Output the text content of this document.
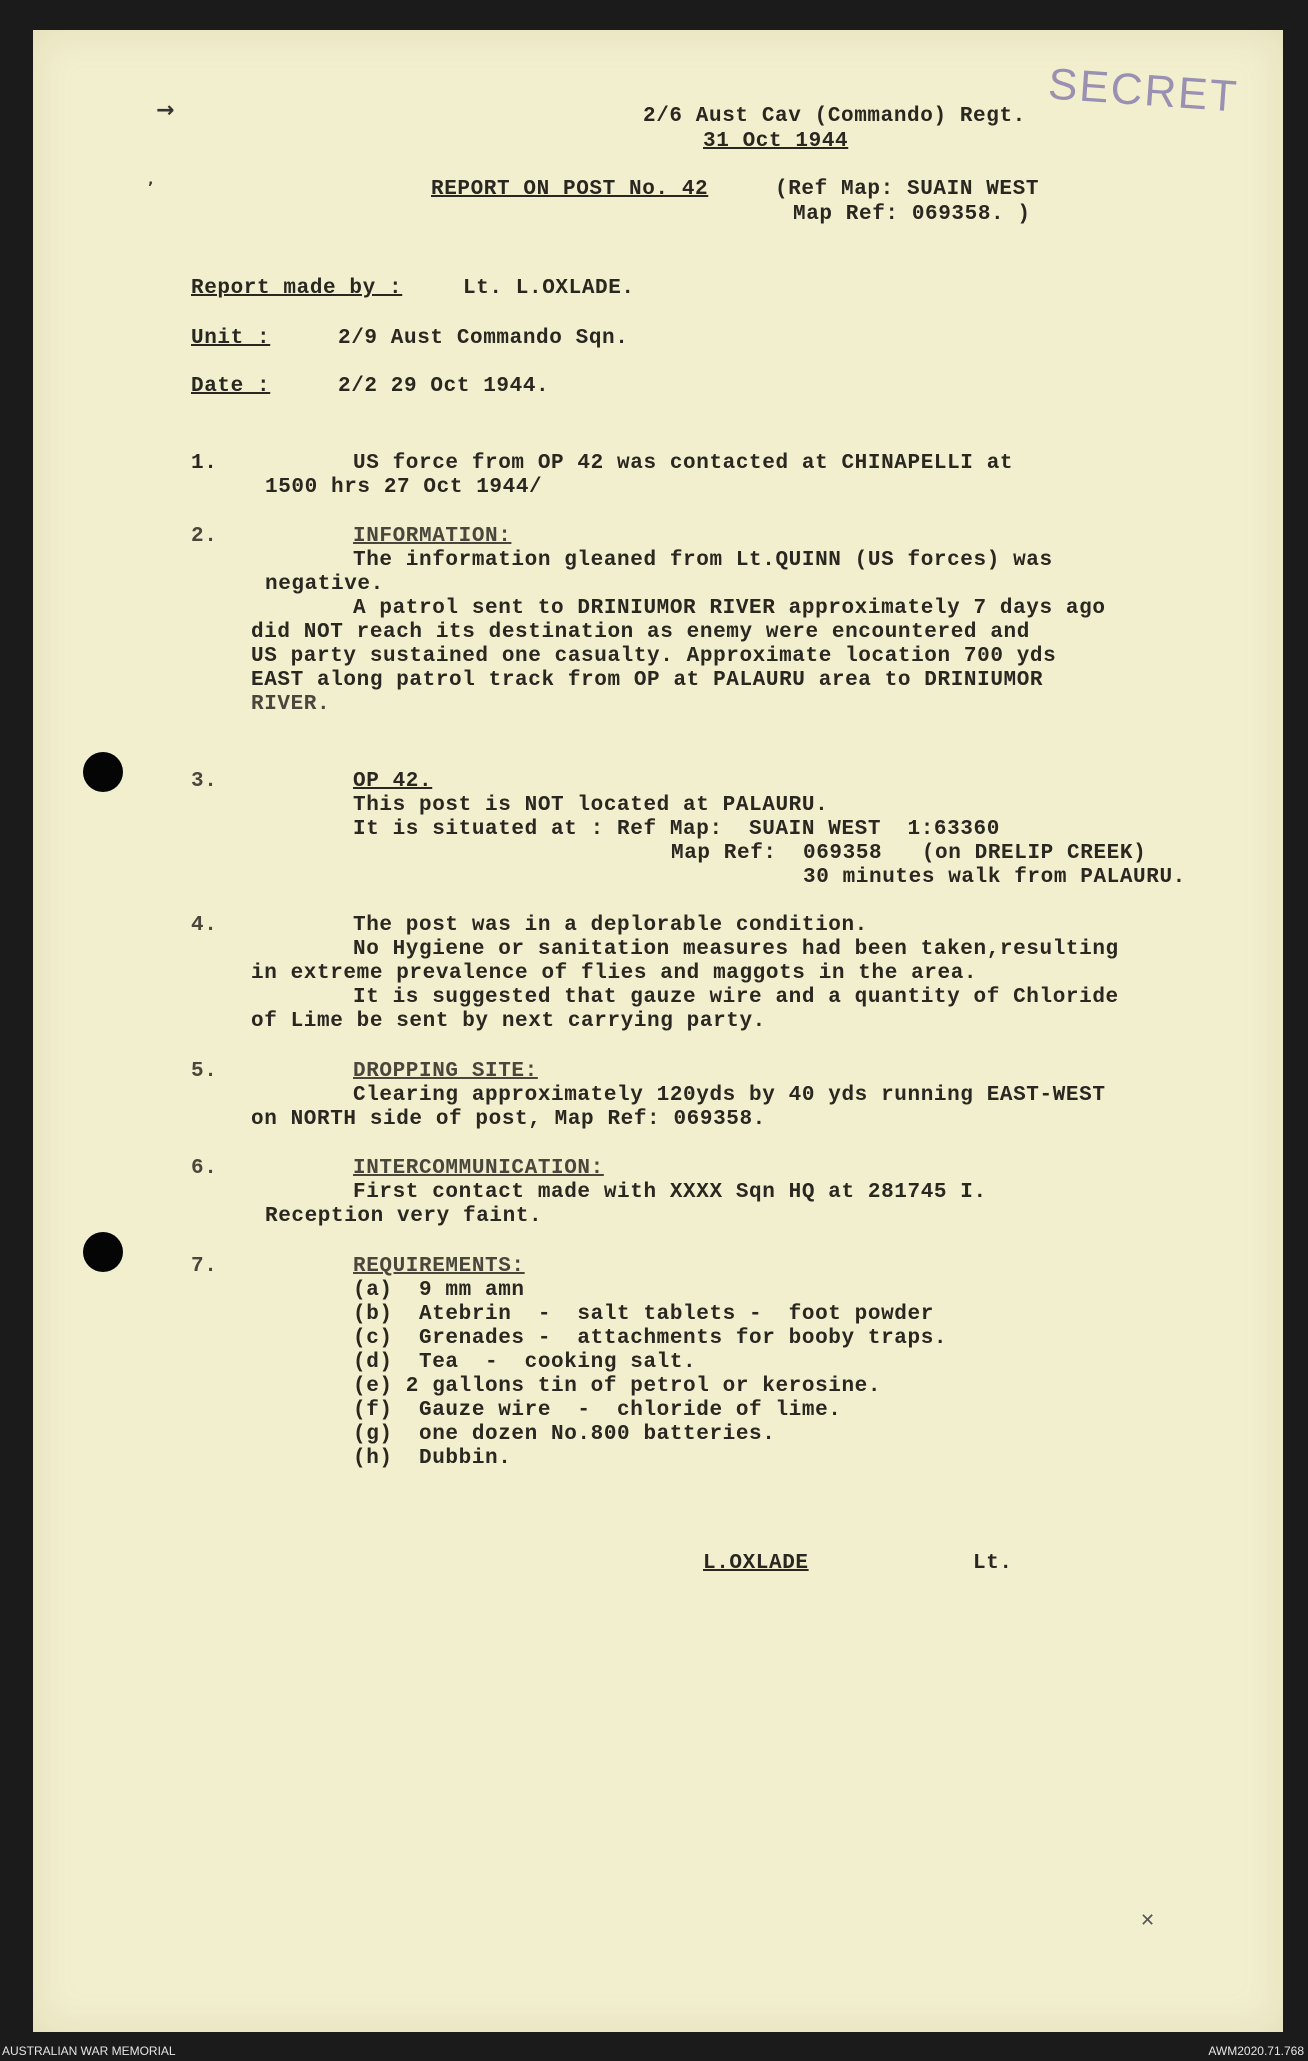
SECRET
→
’
2/6 Aust Cav (Commando) Regt.
31 Oct 1944
REPORT ON POST No. 42	(Ref Map: SUAIN WEST
Map Ref: 069358. )
Report made by :	Lt. L.OXLADE.
Unit :	2/9 Aust Commando Sqn.
Date :	2/2 29 Oct 1944.
1.	US force from OP 42 was contacted at CHINAPELLI at
1500 hrs 27 Oct 1944/
2.	INFORMATION:
The information gleaned from Lt.QUINN (US forces) was
negative.
A patrol sent to DRINIUMOR RIVER approximately 7 days ago
did NOT reach its destination as enemy were encountered and
US party sustained one casualty. Approximate location 700 yds
EAST along patrol track from OP at PALAURU area to DRINIUMOR
RIVER.
3.	OP 42.
This post is NOT located at PALAURU.
It is situated at : Ref Map:  SUAIN WEST  1:63360
Map Ref:  069358   (on DRELIP CREEK)
30 minutes walk from PALAURU.
4.	The post was in a deplorable condition.
No Hygiene or sanitation measures had been taken,resulting
in extreme prevalence of flies and maggots in the area.
It is suggested that gauze wire and a quantity of Chloride
of Lime be sent by next carrying party.
5.	DROPPING SITE:
Clearing approximately 120yds by 40 yds running EAST-WEST
on NORTH side of post, Map Ref: 069358.
6.	INTERCOMMUNICATION:
First contact made with XXXX Sqn HQ at 281745 I.
Reception very faint.
7.	REQUIREMENTS:
(a)  9 mm amn
(b)  Atebrin  -  salt tablets -  foot powder
(c)  Grenades -  attachments for booby traps.
(d)  Tea  -  cooking salt.
(e) 2 gallons tin of petrol or kerosine.
(f)  Gauze wire  -  chloride of lime.
(g)  one dozen No.800 batteries.
(h)  Dubbin.
L.OXLADE	Lt.
✕
AUSTRALIAN WAR MEMORIAL	AWM2020.71.768
